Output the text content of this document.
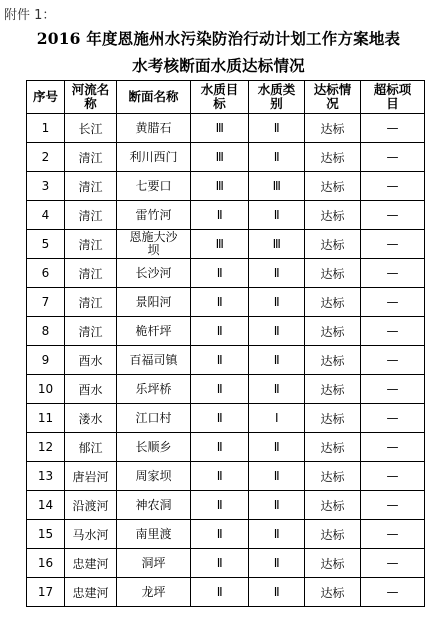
附件 1：
2016 年度恩施州水污染防治行动计划工作方案地表
水考核断面水质达标情况
序号	河流名称	断面名称	水质目标	水质类别	达标情况	超标项目
1	长江	黄腊石	Ⅲ	Ⅱ	达标	—
2	清江	利川西门	Ⅲ	Ⅱ	达标	—
3	清江	七要口	Ⅲ	Ⅲ	达标	—
4	清江	雷竹河	Ⅱ	Ⅱ	达标	—
5	清江	恩施大沙坝	Ⅲ	Ⅲ	达标	—
6	清江	长沙河	Ⅱ	Ⅱ	达标	—
7	清江	景阳河	Ⅱ	Ⅱ	达标	—
8	清江	桅杆坪	Ⅱ	Ⅱ	达标	—
9	酉水	百福司镇	Ⅱ	Ⅱ	达标	—
10	酉水	乐坪桥	Ⅱ	Ⅱ	达标	—
11	溇水	江口村	Ⅱ	Ⅰ	达标	—
12	郁江	长顺乡	Ⅱ	Ⅱ	达标	—
13	唐岩河	周家坝	Ⅱ	Ⅱ	达标	—
14	沿渡河	神农洞	Ⅱ	Ⅱ	达标	—
15	马水河	南里渡	Ⅱ	Ⅱ	达标	—
16	忠建河	洞坪	Ⅱ	Ⅱ	达标	—
17	忠建河	龙坪	Ⅱ	Ⅱ	达标	—
